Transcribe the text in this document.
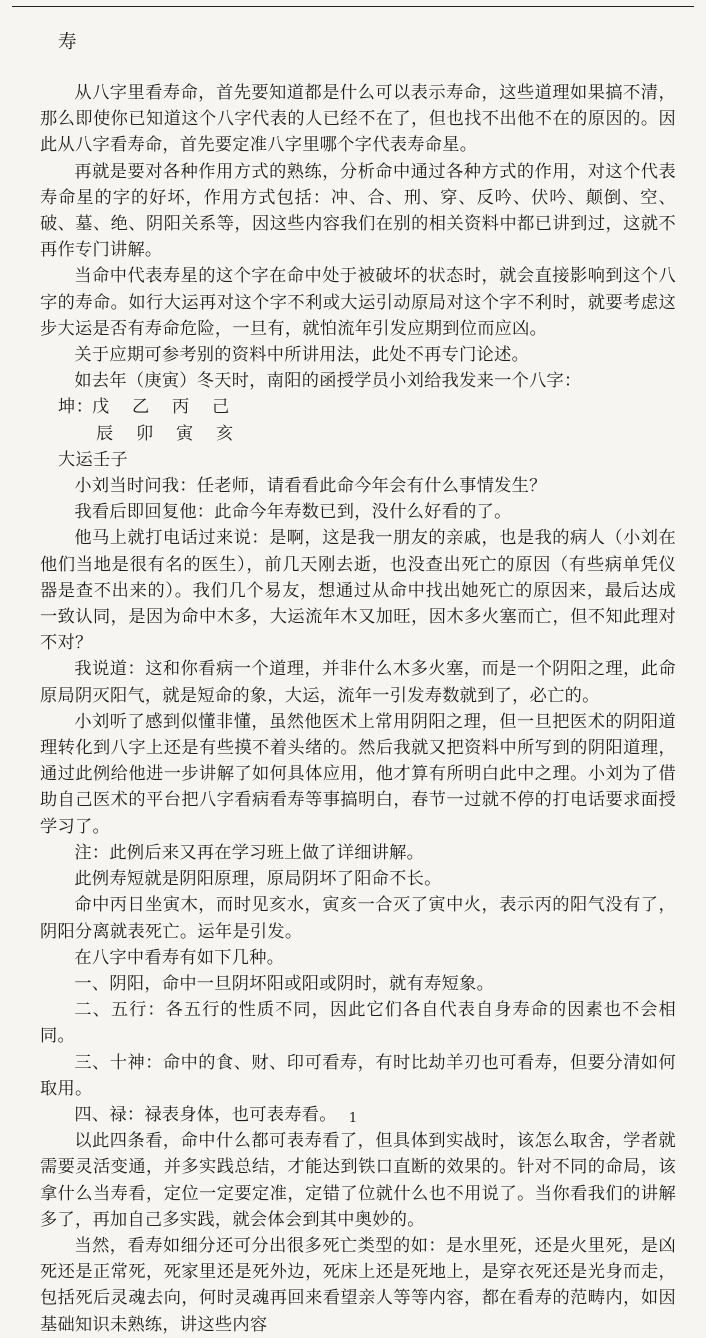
寿

从八字里看寿命，首先要知道都是什么可以表示寿命，这些道理如果搞不清，那么即使你已知道这个八字代表的人已经不在了，但也找不出他不在的原因的。因此从八字看寿命，首先要定准八字里哪个字代表寿命星。

再就是要对各种作用方式的熟练，分析命中通过各种方式的作用，对这个代表寿命星的字的好坏，作用方式包括：冲、合、刑、穿、反吟、伏吟、颠倒、空、破、墓、绝、阴阳关系等，因这些内容我们在别的相关资料中都已讲到过，这就不再作专门讲解。

当命中代表寿星的这个字在命中处于被破坏的状态时，就会直接影响到这个八字的寿命。如行大运再对这个字不利或大运引动原局对这个字不利时，就要考虑这步大运是否有寿命危险，一旦有，就怕流年引发应期到位而应凶。

关于应期可参考别的资料中所讲用法，此处不再专门论述。

如去年（庚寅）冬天时，南阳的函授学员小刘给我发来一个八字：

坤：戊 乙 丙 己
辰 卯 寅 亥
大运壬子

小刘当时问我：任老师，请看看此命今年会有什么事情发生？

我看后即回复他：此命今年寿数已到，没什么好看的了。

他马上就打电话过来说：是啊，这是我一朋友的亲戚，也是我的病人（小刘在他们当地是很有名的医生），前几天刚去逝，也没查出死亡的原因（有些病单凭仪器是查不出来的）。我们几个易友，想通过从命中找出她死亡的原因来，最后达成一致认同，是因为命中木多，大运流年木又加旺，因木多火塞而亡，但不知此理对不对？

我说道：这和你看病一个道理，并非什么木多火塞，而是一个阴阳之理，此命原局阴灭阳气，就是短命的象，大运，流年一引发寿数就到了，必亡的。

小刘听了感到似懂非懂，虽然他医术上常用阴阳之理，但一旦把医术的阴阳道理转化到八字上还是有些摸不着头绪的。然后我就又把资料中所写到的阴阳道理，通过此例给他进一步讲解了如何具体应用，他才算有所明白此中之理。小刘为了借助自己医术的平台把八字看病看寿等事搞明白，春节一过就不停的打电话要求面授学习了。

注：此例后来又再在学习班上做了详细讲解。

此例寿短就是阴阳原理，原局阴坏了阳命不长。

命中丙日坐寅木，而时见亥水，寅亥一合灭了寅中火，表示丙的阳气没有了，阴阳分离就表死亡。运年是引发。

在八字中看寿有如下几种。

一、阴阳，命中一旦阴坏阳或阳或阴时，就有寿短象。

二、五行：各五行的性质不同，因此它们各自代表自身寿命的因素也不会相同。

三、十神：命中的食、财、印可看寿，有时比劫羊刃也可看寿，但要分清如何取用。

四、禄：禄表身体，也可表寿看。

以此四条看，命中什么都可表寿看了，但具体到实战时，该怎么取舍，学者就需要灵活变通，并多实践总结，才能达到铁口直断的效果的。针对不同的命局，该拿什么当寿看，定位一定要定准，定错了位就什么也不用说了。当你看我们的讲解多了，再加自己多实践，就会体会到其中奥妙的。

当然，看寿如细分还可分出很多死亡类型的如：是水里死，还是火里死，是凶死还是正常死，死家里还是死外边，死床上还是死地上，是穿衣死还是光身而走，包括死后灵魂去向，何时灵魂再回来看望亲人等等内容，都在看寿的范畴内，如因基础知识未熟练，讲这些内容

1
